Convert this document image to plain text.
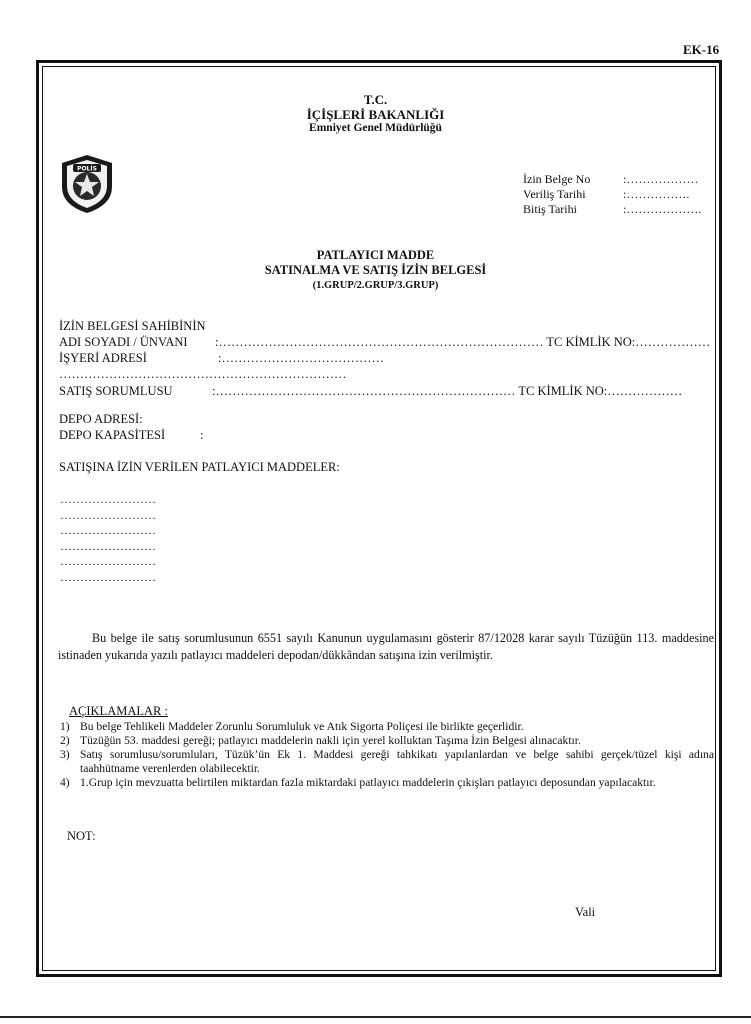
EK-16
T.C.
İÇİŞLERİ BAKANLIĞI
Emniyet Genel Müdürlüğü
POLİS
İzin Belge No	:………………
Veriliş Tarihi	:…………….
Bitiş Tarihi	:……………….
PATLAYICI MADDE
SATINALMA VE SATIŞ İZİN BELGESİ
(1.GRUP/2.GRUP/3.GRUP)
İZİN BELGESİ SAHİBİNİN
ADI SOYADI / ÜNVANI :…………………………………………………………………… TC KİMLİK NO:………………
İŞYERİ ADRESİ	:…………………………………
……………………………………………………………
SATIŞ SORUMLUSU	:……………………………………………………………… TC KİMLİK NO:………………
DEPO ADRESİ:
DEPO KAPASİTESİ	:
SATIŞINA İZİN VERİLEN PATLAYICI MADDELER:
……………………
……………………
……………………
……………………
……………………
……………………
Bu belge ile satış sorumlusunun 6551 sayılı Kanunun uygulamasını gösterir 87/12028 karar sayılı Tüzüğün 113. maddesine istinaden yukarıda yazılı patlayıcı maddeleri depodan/dükkândan satışına izin verilmiştir.
AÇIKLAMALAR :
1) Bu belge Tehlikeli Maddeler Zorunlu Sorumluluk ve Atık Sigorta Poliçesi ile birlikte geçerlidir.
2) Tüzüğün 53. maddesi gereği; patlayıcı maddelerin nakli için yerel kolluktan Taşıma İzin Belgesi alınacaktır.
3) Satış sorumlusu/sorumluları, Tüzük’ün Ek 1. Maddesi gereği tahkikatı yapılanlardan ve belge sahibi gerçek/tüzel kişi adına taahhütname verenlerden olabilecektir.
4) 1.Grup için mevzuatta belirtilen miktardan fazla miktardaki patlayıcı maddelerin çıkışları patlayıcı deposundan yapılacaktır.
NOT:
Vali
